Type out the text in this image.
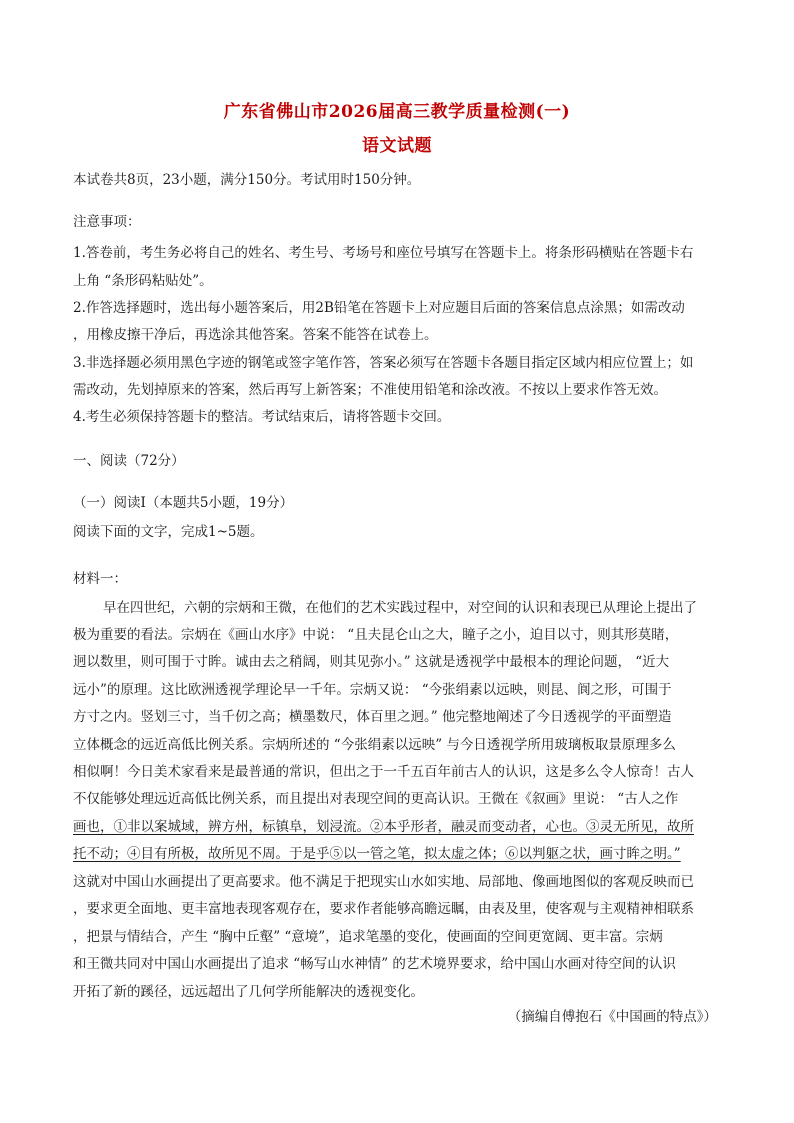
广东省佛山市2026届高三教学质量检测(一)
语文试题
本试卷共8页，23小题，满分150分。考试用时150分钟。
注意事项：
1.答卷前，考生务必将自己的姓名、考生号、考场号和座位号填写在答题卡上。将条形码横贴在答题卡右
上角 “条形码粘贴处”。
2.作答选择题时，选出每小题答案后，用2B铅笔在答题卡上对应题目后面的答案信息点涂黑；如需改动
，用橡皮擦干净后，再选涂其他答案。答案不能答在试卷上。
3.非选择题必须用黑色字迹的钢笔或签字笔作答，答案必须写在答题卡各题目指定区域内相应位置上；如
需改动，先划掉原来的答案，然后再写上新答案；不准使用铅笔和涂改液。不按以上要求作答无效。
4.考生必须保持答题卡的整洁。考试结束后，请将答题卡交回。
一、阅读（72分）
（一）阅读Ⅰ（本题共5小题，19分）
阅读下面的文字，完成1~5题。
材料一：
早在四世纪，六朝的宗炳和王微，在他们的艺术实践过程中，对空间的认识和表现已从理论上提出了
极为重要的看法。宗炳在《画山水序》中说： “且夫昆仑山之大，瞳子之小，迫目以寸，则其形莫睹，
迥以数里，则可围于寸眸。诚由去之稍阔，则其见弥小。” 这就是透视学中最根本的理论问题， “近大
远小”的原理。这比欧洲透视学理论早一千年。宗炳又说： “今张绢素以远映，则昆、阆之形，可围于
方寸之内。竖划三寸，当千仞之高；横墨数尺，体百里之迥。” 他完整地阐述了今日透视学的平面塑造
立体概念的远近高低比例关系。宗炳所述的 “今张绢素以远映” 与今日透视学所用玻璃板取景原理多么
相似啊！今日美术家看来是最普通的常识，但出之于一千五百年前古人的认识，这是多么令人惊奇！古人
不仅能够处理远近高低比例关系，而且提出对表现空间的更高认识。王微在《叙画》里说： “古人之作
画也，①非以案城域，辨方州，标镇阜，划浸流。②本乎形者，融灵而变动者，心也。③灵无所见，故所
托不动；④目有所极，故所见不周。于是乎⑤以一管之笔，拟太虚之体；⑥以判躯之状，画寸眸之明。”
这就对中国山水画提出了更高要求。他不满足于把现实山水如实地、局部地、像画地图似的客观反映而已
，要求更全面地、更丰富地表现客观存在，要求作者能够高瞻远瞩，由表及里，使客观与主观精神相联系
，把景与情结合，产生 “胸中丘壑” “意境”，追求笔墨的变化，使画面的空间更宽阔、更丰富。宗炳
和王微共同对中国山水画提出了追求 “畅写山水神情” 的艺术境界要求，给中国山水画对待空间的认识
开拓了新的蹊径，远远超出了几何学所能解决的透视变化。
（摘编自傅抱石《中国画的特点》）
